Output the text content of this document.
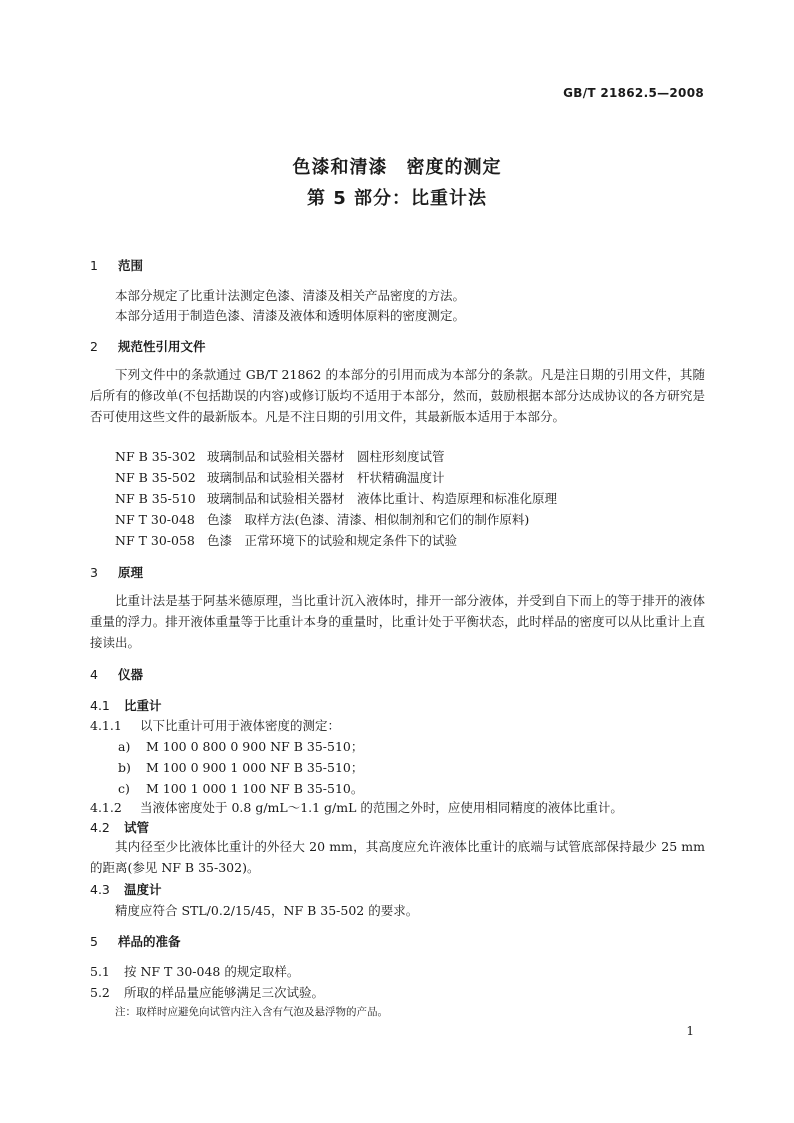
GB/T 21862.5—2008
色漆和清漆　密度的测定
第 5 部分：比重计法
1 范围
本部分规定了比重计法测定色漆、清漆及相关产品密度的方法。
本部分适用于制造色漆、清漆及液体和透明体原料的密度测定。
2 规范性引用文件
下列文件中的条款通过 GB/T 21862 的本部分的引用而成为本部分的条款。凡是注日期的引用文件，其随后所有的修改单(不包括勘误的内容)或修订版均不适用于本部分，然而，鼓励根据本部分达成协议的各方研究是否可使用这些文件的最新版本。凡是不注日期的引用文件，其最新版本适用于本部分。
NF B 35-302 玻璃制品和试验相关器材　圆柱形刻度试管
NF B 35-502 玻璃制品和试验相关器材　杆状精确温度计
NF B 35-510 玻璃制品和试验相关器材　液体比重计、构造原理和标准化原理
NF T 30-048 色漆　取样方法(色漆、清漆、相似制剂和它们的制作原料)
NF T 30-058 色漆　正常环境下的试验和规定条件下的试验
3 原理
比重计法是基于阿基米德原理，当比重计沉入液体时，排开一部分液体，并受到自下而上的等于排开的液体重量的浮力。排开液体重量等于比重计本身的重量时，比重计处于平衡状态，此时样品的密度可以从比重计上直接读出。
4 仪器
4.1 比重计
4.1.1 以下比重计可用于液体密度的测定：
a) M 100 0 800 0 900 NF B 35-510；
b) M 100 0 900 1 000 NF B 35-510；
c) M 100 1 000 1 100 NF B 35-510。
4.1.2 当液体密度处于 0.8 g/mL～1.1 g/mL 的范围之外时，应使用相同精度的液体比重计。
4.2 试管
其内径至少比液体比重计的外径大 20 mm，其高度应允许液体比重计的底端与试管底部保持最少 25 mm 的距离(参见 NF B 35-302)。
4.3 温度计
精度应符合 STL/0.2/15/45，NF B 35-502 的要求。
5 样品的准备
5.1 按 NF T 30-048 的规定取样。
5.2 所取的样品量应能够满足三次试验。
注：取样时应避免向试管内注入含有气泡及悬浮物的产品。
1
